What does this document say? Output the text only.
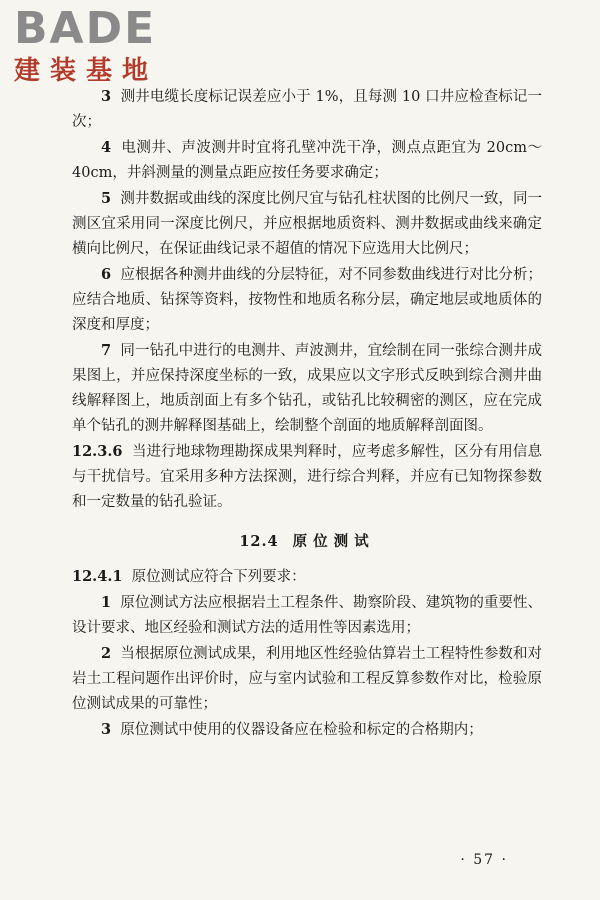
BADE
建装基地

3 测井电缆长度标记误差应小于 1%，且每测 10 口井应检查标记一次；

4 电测井、声波测井时宜将孔壁冲洗干净，测点点距宜为 20cm～40cm，井斜测量的测量点距应按任务要求确定；

5 测井数据或曲线的深度比例尺宜与钻孔柱状图的比例尺一致，同一测区宜采用同一深度比例尺，并应根据地质资料、测井数据或曲线来确定横向比例尺，在保证曲线记录不超值的情况下应选用大比例尺；

6 应根据各种测井曲线的分层特征，对不同参数曲线进行对比分析；应结合地质、钻探等资料，按物性和地质名称分层，确定地层或地质体的深度和厚度；

7 同一钻孔中进行的电测井、声波测井，宜绘制在同一张综合测井成果图上，并应保持深度坐标的一致，成果应以文字形式反映到综合测井曲线解释图上，地质剖面上有多个钻孔，或钻孔比较稠密的测区，应在完成单个钻孔的测井解释图基础上，绘制整个剖面的地质解释剖面图。

12.3.6 当进行地球物理勘探成果判释时，应考虑多解性，区分有用信息与干扰信号。宜采用多种方法探测，进行综合判释，并应有已知物探参数和一定数量的钻孔验证。

12.4 原位测试

12.4.1 原位测试应符合下列要求：

1 原位测试方法应根据岩土工程条件、勘察阶段、建筑物的重要性、设计要求、地区经验和测试方法的适用性等因素选用；

2 当根据原位测试成果，利用地区性经验估算岩土工程特性参数和对岩土工程问题作出评价时，应与室内试验和工程反算参数作对比，检验原位测试成果的可靠性；

3 原位测试中使用的仪器设备应在检验和标定的合格期内；

· 57 ·
